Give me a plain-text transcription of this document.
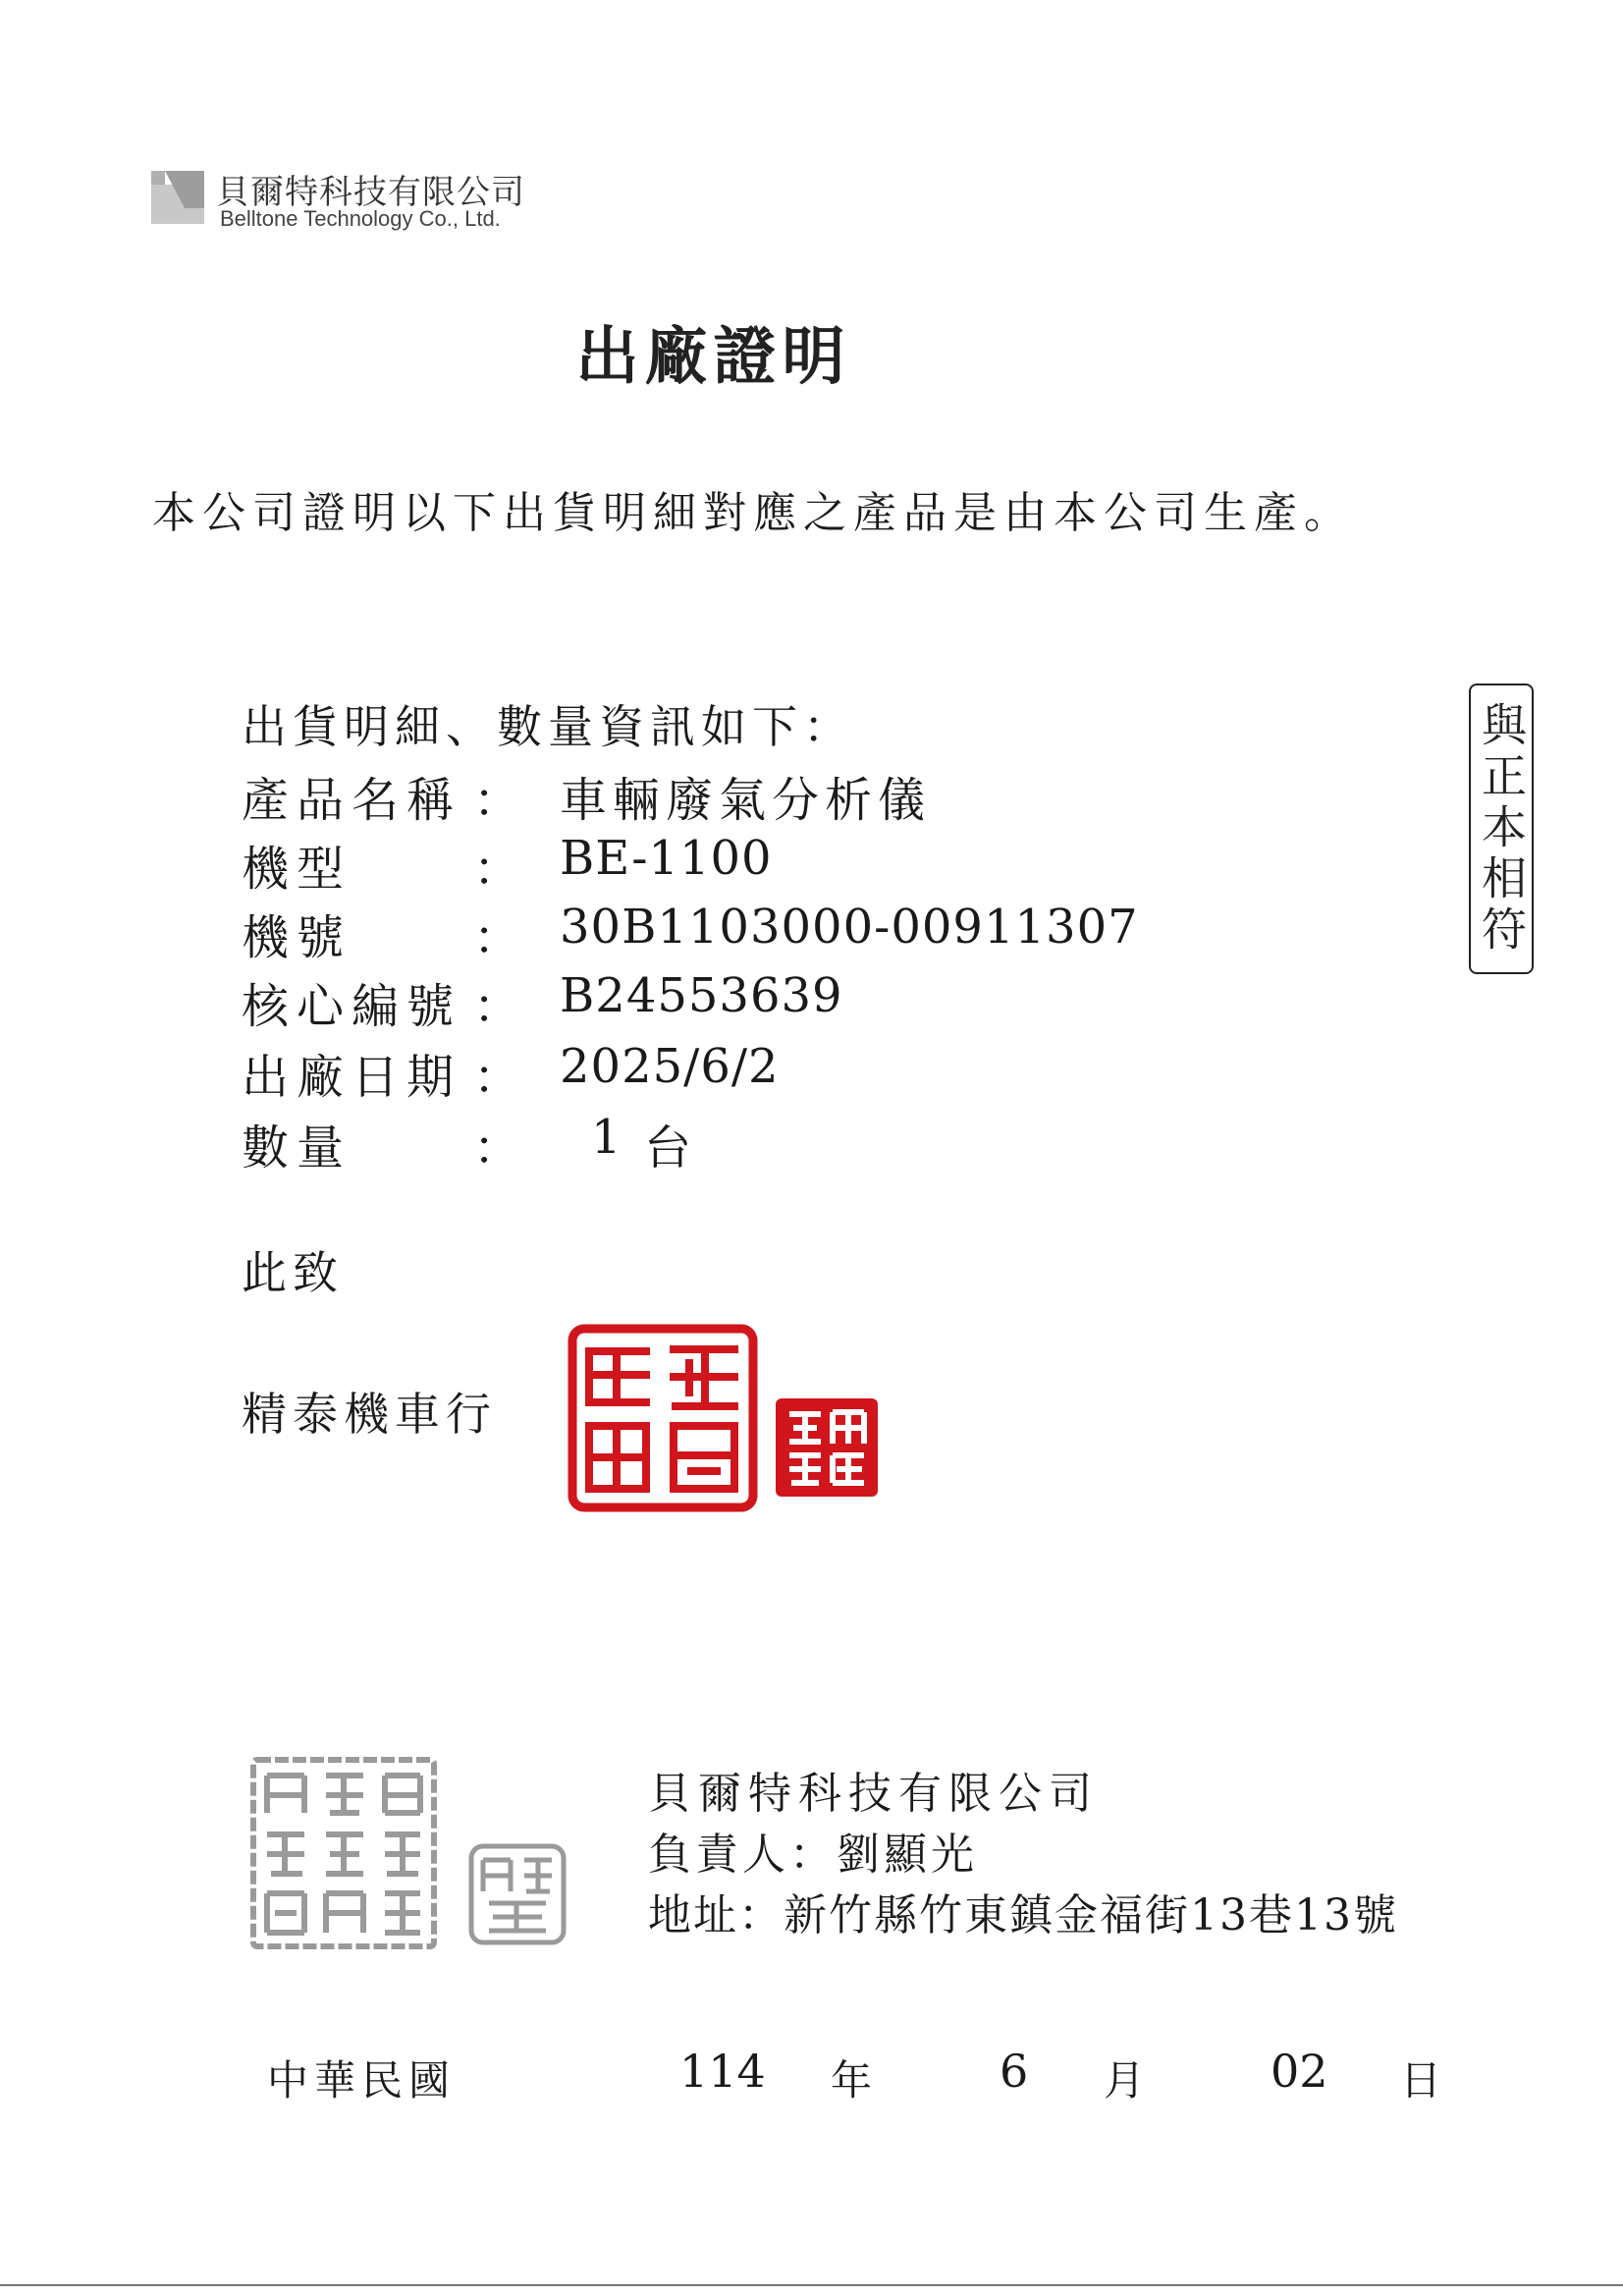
貝爾特科技有限公司
Belltone Technology Co., Ltd.
出廠證明
本公司證明以下出貨明細對應之產品是由本公司生產。
與正本相符
出貨明細、數量資訊如下：
產品名稱 ： 車輛廢氣分析儀
機型	： BE-1100
機號	： 30B1103000-00911307
核心編號 ： B24553639
出廠日期 ： 2025/6/2
數量	： 1 台
此致
精泰機車行
貝爾特科技有限公司
負責人：劉顯光
地址：新竹縣竹東鎮金福街13巷13號
中華民國	114 年	6 月	02 日
